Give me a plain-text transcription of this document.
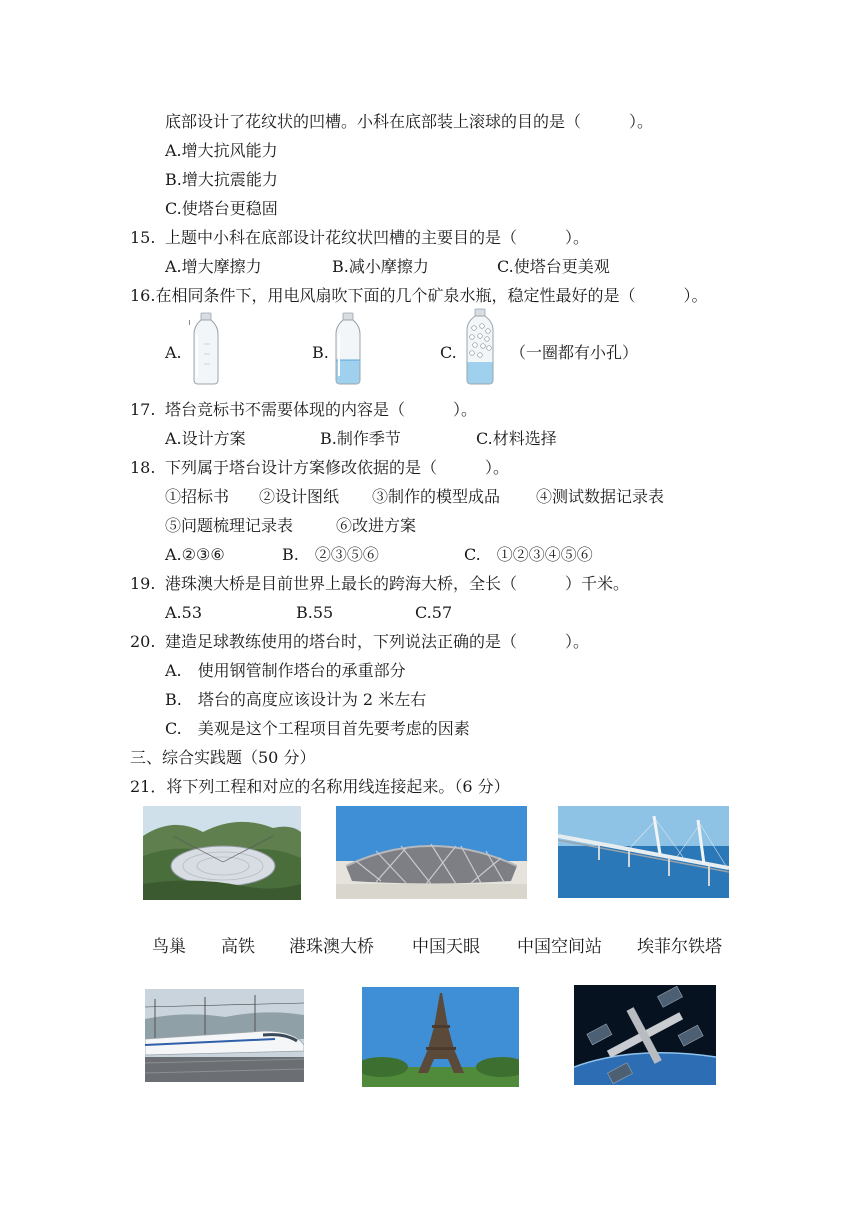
底部设计了花纹状的凹槽。小科在底部装上滚球的目的是（　　　）。
A.增大抗风能力
B.增大抗震能力
C.使塔台更稳固
15. 上题中小科在底部设计花纹状凹槽的主要目的是（　　　）。
A.增大摩擦力	B.减小摩擦力	C.使塔台更美观
16.在相同条件下，用电风扇吹下面的几个矿泉水瓶，稳定性最好的是（　　　）。
A.	B.	C.	（一圈都有小孔）
17. 塔台竞标书不需要体现的内容是（　　　）。
A.设计方案	B.制作季节	C.材料选择
18. 下列属于塔台设计方案修改依据的是（　　　）。
①招标书 ②设计图纸 ③制作的模型成品 ④测试数据记录表
⑤问题梳理记录表	⑥改进方案
A.②③⑥	B.　②③⑤⑥	C.　①②③④⑤⑥
19. 港珠澳大桥是目前世界上最长的跨海大桥，全长（　　　）千米。
A.53	B.55	C.57
20. 建造足球教练使用的塔台时，下列说法正确的是（　　　）。
A.　使用钢管制作塔台的承重部分
B.　塔台的高度应该设计为 2 米左右
C.　美观是这个工程项目首先要考虑的因素
三、综合实践题（50 分）
21．将下列工程和对应的名称用线连接起来。（6 分）
鸟巢 高铁 港珠澳大桥 中国天眼 中国空间站 埃菲尔铁塔
